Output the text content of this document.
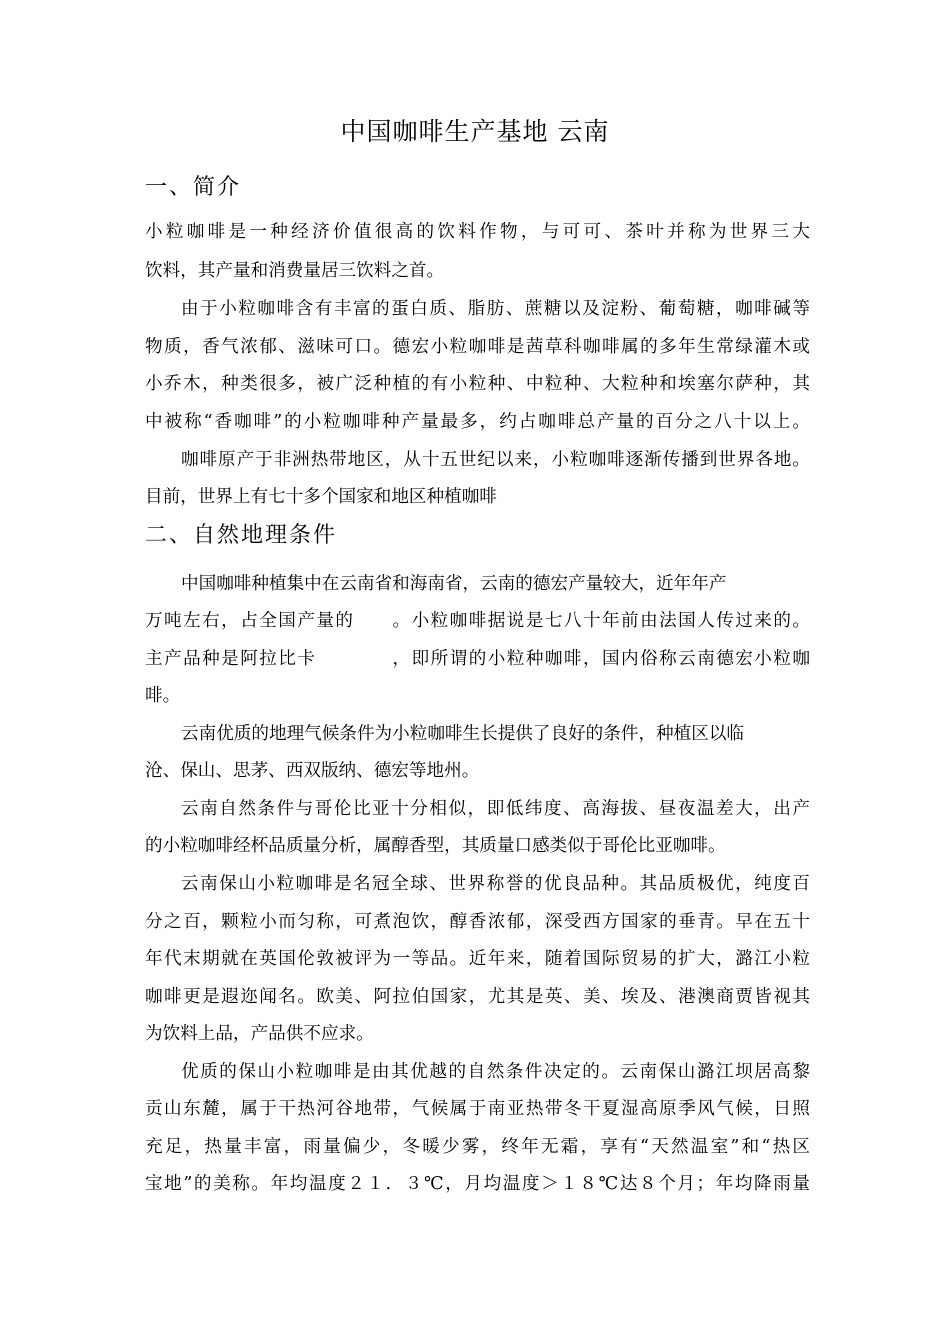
中国咖啡生产基地 云南
一、简介
小粒咖啡是一种经济价值很高的饮料作物，与可可、茶叶并称为世界三大
饮料，其产量和消费量居三饮料之首。
由于小粒咖啡含有丰富的蛋白质、脂肪、蔗糖以及淀粉、葡萄糖，咖啡碱等
物质，香气浓郁、滋味可口。德宏小粒咖啡是茜草科咖啡属的多年生常绿灌木或
小乔木，种类很多，被广泛种植的有小粒种、中粒种、大粒种和埃塞尔萨种，其
中被称“香咖啡”的小粒咖啡种产量最多，约占咖啡总产量的百分之八十以上。
咖啡原产于非洲热带地区，从十五世纪以来，小粒咖啡逐渐传播到世界各地。
目前，世界上有七十多个国家和地区种植咖啡
二、自然地理条件
中国咖啡种植集中在云南省和海南省，云南的德宏产量较大，近年年产
万吨左右，占全国产量的　　。小粒咖啡据说是七八十年前由法国人传过来的。
主产品种是阿拉比卡　　　　，即所谓的小粒种咖啡，国内俗称云南德宏小粒咖
啡。
云南优质的地理气候条件为小粒咖啡生长提供了良好的条件，种植区以临
沧、保山、思茅、西双版纳、德宏等地州。
云南自然条件与哥伦比亚十分相似，即低纬度、高海拔、昼夜温差大，出产
的小粒咖啡经杯品质量分析，属醇香型，其质量口感类似于哥伦比亚咖啡。
云南保山小粒咖啡是名冠全球、世界称誉的优良品种。其品质极优，纯度百
分之百，颗粒小而匀称，可煮泡饮，醇香浓郁，深受西方国家的垂青。早在五十
年代末期就在英国伦敦被评为一等品。近年来，随着国际贸易的扩大，潞江小粒
咖啡更是遐迩闻名。欧美、阿拉伯国家，尤其是英、美、埃及、港澳商贾皆视其
为饮料上品，产品供不应求。
优质的保山小粒咖啡是由其优越的自然条件决定的。云南保山潞江坝居高黎
贡山东麓，属于干热河谷地带，气候属于南亚热带冬干夏湿高原季风气候，日照
充足，热量丰富，雨量偏少，冬暖少雾，终年无霜，享有“天然温室”和“热区
宝地”的美称。年均温度２１．３℃，月均温度＞１８℃达８个月；年均降雨量
